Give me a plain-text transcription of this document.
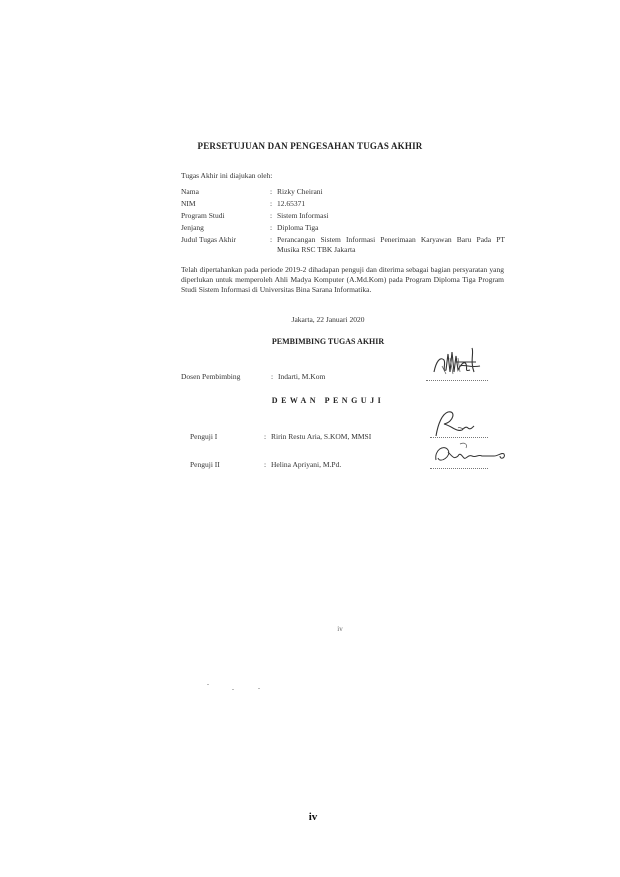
PERSETUJUAN DAN PENGESAHAN TUGAS AKHIR
Tugas Akhir ini diajukan oleh:
Nama	: Rizky Cheirani
NIM	: 12.65371
Program Studi	: Sistem Informasi
Jenjang	: Diploma Tiga
Judul Tugas Akhir	: Perancangan Sistem Informasi Penerimaan Karyawan Baru Pada PT Musika RSC TBK Jakarta
Telah dipertahankan pada periode 2019-2 dihadapan penguji dan diterima sebagai bagian persyaratan yang diperlukan untuk memperoleh Ahli Madya Komputer (A.Md.Kom) pada Program Diploma Tiga Program Studi Sistem Informasi di Universitas Bina Sarana Informatika.
Jakarta, 22 Januari 2020
PEMBIMBING TUGAS AKHIR
Dosen Pembimbing	: Indarti, M.Kom
DEWAN PENGUJI
Penguji I	: Ririn Restu Aria, S.KOM, MMSI
Penguji II	: Helina Apriyani, M.Pd.
iv
iv
